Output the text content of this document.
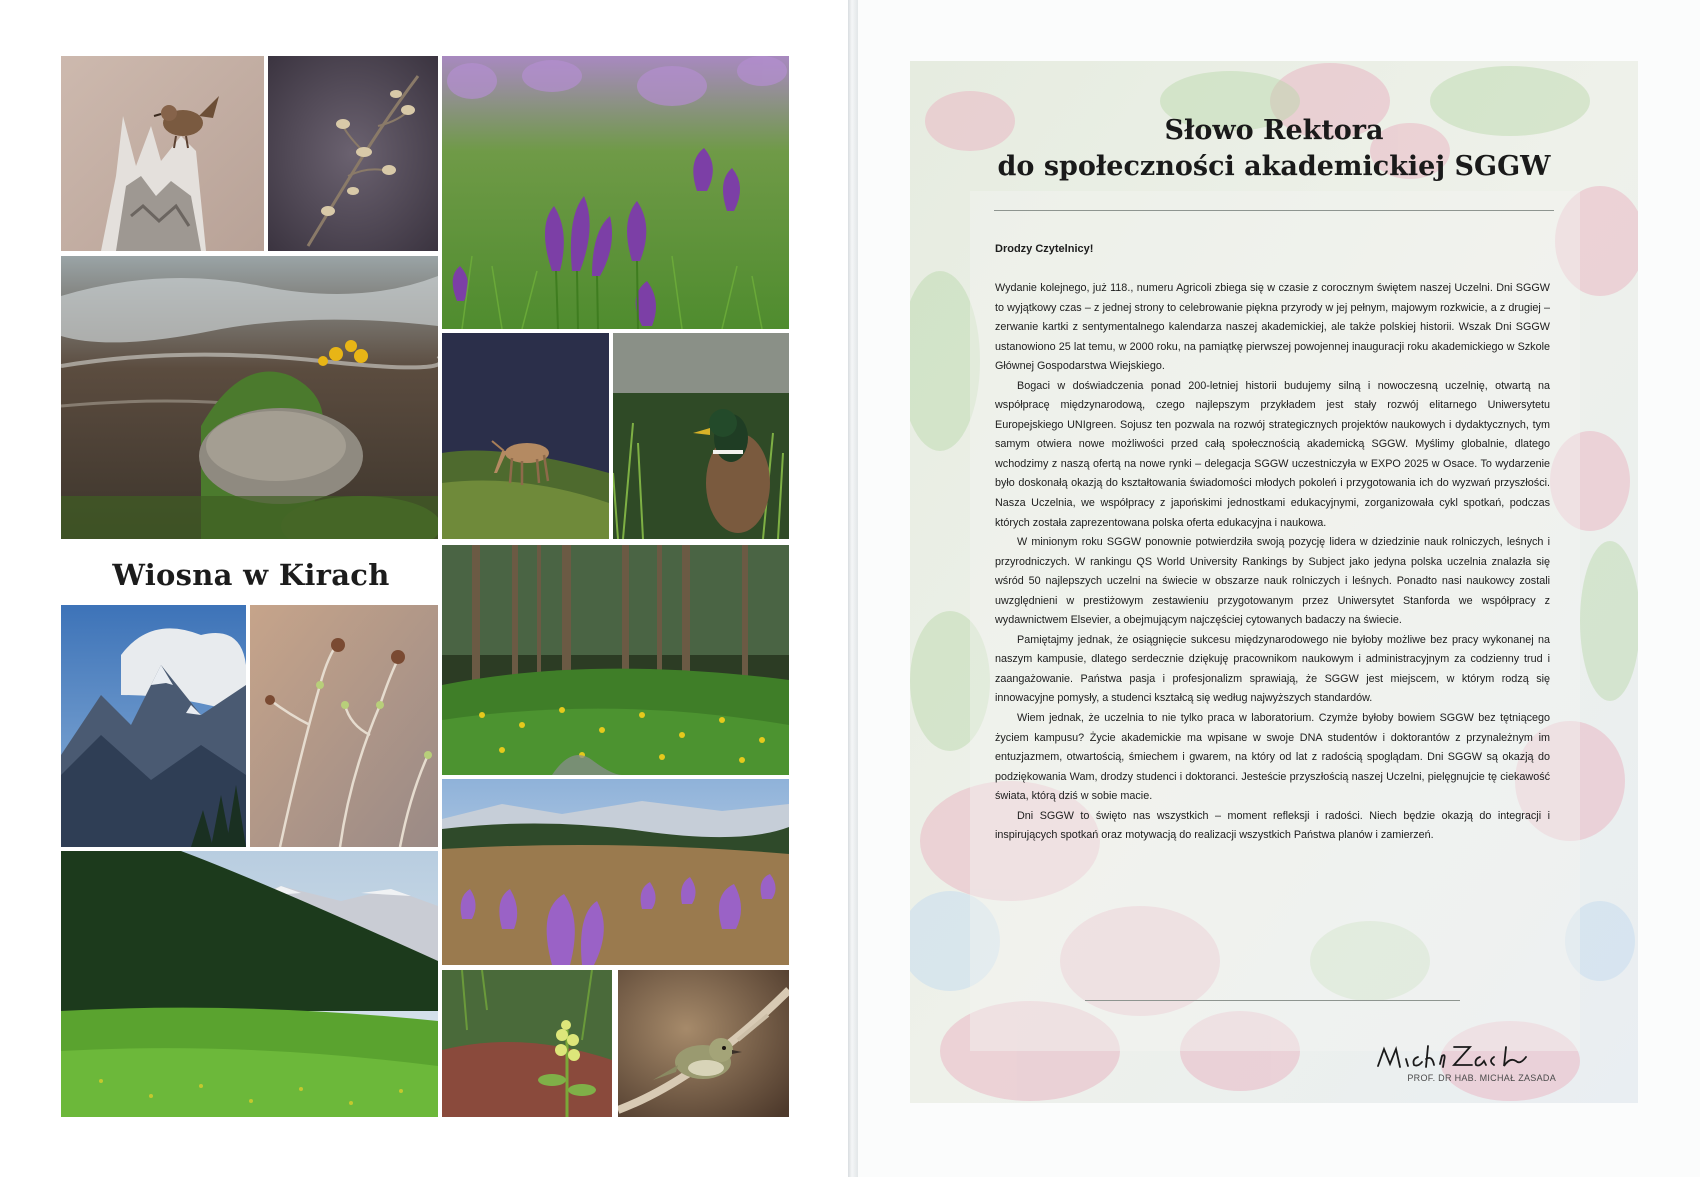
Wiosna w Kirach
Słowo Rektora
do społeczności akademickiej SGGW
Drodzy Czytelnicy!

Wydanie kolejnego, już 118., numeru Agricoli zbiega się w czasie z corocznym świętem naszej Uczelni. Dni SGGW to wyjątkowy czas – z jednej strony to celebrowanie piękna przyrody w jej pełnym, majowym rozkwicie, a z drugiej – zerwanie kartki z sentymentalnego kalendarza naszej akademickiej, ale także polskiej historii. Wszak Dni SGGW ustanowiono 25 lat temu, w 2000 roku, na pamiątkę pierwszej powojennej inauguracji roku akademickiego w Szkole Głównej Gospodarstwa Wiejskiego.

Bogaci w doświadczenia ponad 200-letniej historii budujemy silną i nowoczesną uczelnię, otwartą na współpracę międzynarodową, czego najlepszym przykładem jest stały rozwój elitarnego Uniwersytetu Europejskiego UNIgreen. Sojusz ten pozwala na rozwój strategicznych projektów naukowych i dydaktycznych, tym samym otwiera nowe możliwości przed całą społecznością akademicką SGGW. Myślimy globalnie, dlatego wchodzimy z naszą ofertą na nowe rynki – delegacja SGGW uczestniczyła w EXPO 2025 w Osace. To wydarzenie było doskonałą okazją do kształtowania świadomości młodych pokoleń i przygotowania ich do wyzwań przyszłości. Nasza Uczelnia, we współpracy z japońskimi jednostkami edukacyjnymi, zorganizowała cykl spotkań, podczas których została zaprezentowana polska oferta edukacyjna i naukowa.

W minionym roku SGGW ponownie potwierdziła swoją pozycję lidera w dziedzinie nauk rolniczych, leśnych i przyrodniczych. W rankingu QS World University Rankings by Subject jako jedyna polska uczelnia znalazła się wśród 50 najlepszych uczelni na świecie w obszarze nauk rolniczych i leśnych. Ponadto nasi naukowcy zostali uwzględnieni w prestiżowym zestawieniu przygotowanym przez Uniwersytet Stanforda we współpracy z wydawnictwem Elsevier, a obejmującym najczęściej cytowanych badaczy na świecie.

Pamiętajmy jednak, że osiągnięcie sukcesu międzynarodowego nie byłoby możliwe bez pracy wykonanej na naszym kampusie, dlatego serdecznie dziękuję pracownikom naukowym i administracyjnym za codzienny trud i zaangażowanie. Państwa pasja i profesjonalizm sprawiają, że SGGW jest miejscem, w którym rodzą się innowacyjne pomysły, a studenci kształcą się według najwyższych standardów.

Wiem jednak, że uczelnia to nie tylko praca w laboratorium. Czymże byłoby bowiem SGGW bez tętniącego życiem kampusu? Życie akademickie ma wpisane w swoje DNA studentów i doktorantów z przynależnym im entuzjazmem, otwartością, śmiechem i gwarem, na który od lat z radością spoglądam. Dni SGGW są okazją do podziękowania Wam, drodzy studenci i doktoranci. Jesteście przyszłością naszej Uczelni, pielęgnujcie tę ciekawość świata, którą dziś w sobie macie.

Dni SGGW to święto nas wszystkich – moment refleksji i radości. Niech będzie okazją do integracji i inspirujących spotkań oraz motywacją do realizacji wszystkich Państwa planów i zamierzeń.

PROF. DR HAB. MICHAŁ ZASADA
